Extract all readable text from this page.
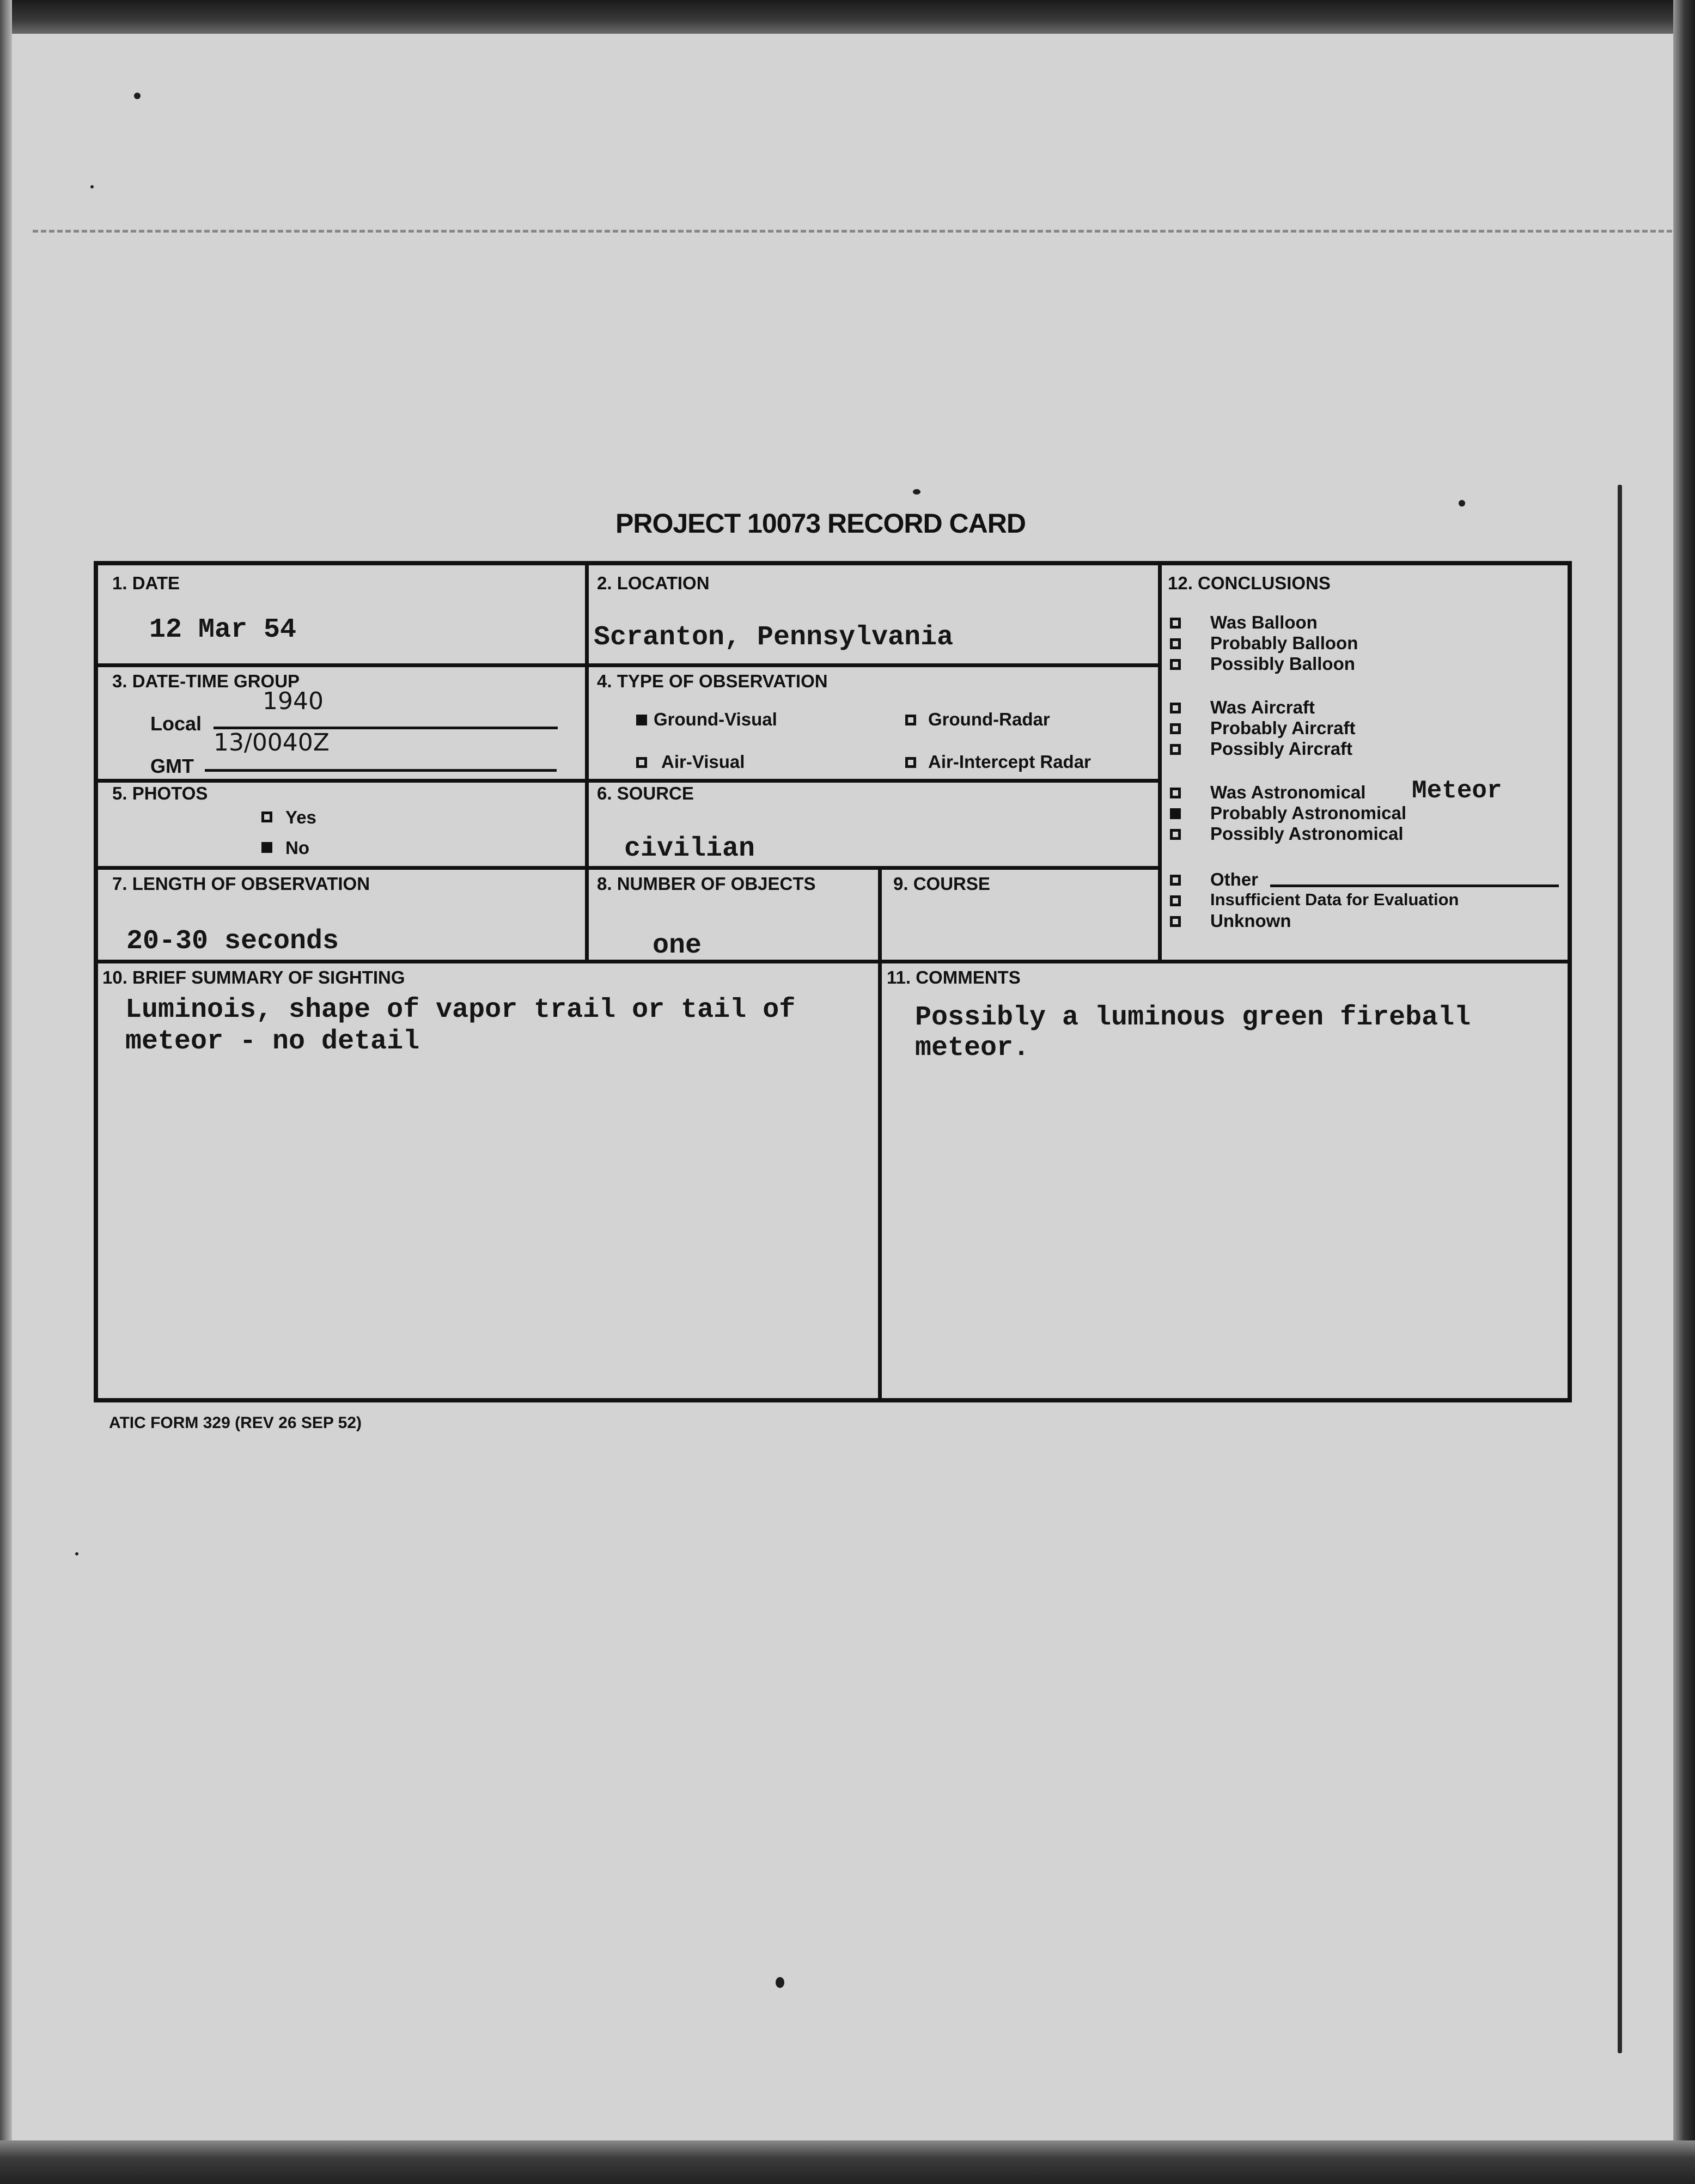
PROJECT 10073 RECORD CARD
1. DATE
12 Mar 54
2. LOCATION
Scranton, Pennsylvania
3. DATE-TIME GROUP
Local
1940
GMT
13/0040Z
4. TYPE OF OBSERVATION
Ground-Visual	Ground-Radar
Air-Visual	Air-Intercept Radar
5. PHOTOS
Yes
No
6. SOURCE
civilian
7. LENGTH OF OBSERVATION
20-30 seconds
8. NUMBER OF OBJECTS
one
9. COURSE
10. BRIEF SUMMARY OF SIGHTING
Luminois, shape of vapor trail or tail of
meteor - no detail
11. COMMENTS
Possibly a luminous green fireball
meteor.
12. CONCLUSIONS
Was Balloon
Probably Balloon
Possibly Balloon
Was Aircraft
Probably Aircraft
Possibly Aircraft
Was Astronomical Meteor
Probably Astronomical
Possibly Astronomical
Other
Insufficient Data for Evaluation
Unknown
ATIC FORM 329 (REV 26 SEP 52)
